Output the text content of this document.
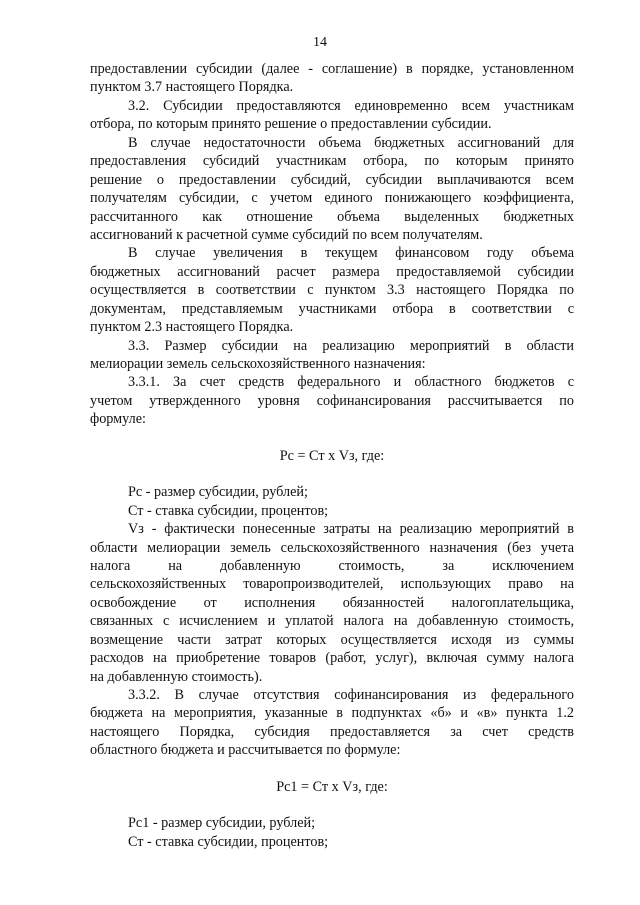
14
предоставлении субсидии (далее - соглашение) в порядке, установленном
пунктом 3.7 настоящего Порядка.
3.2. Субсидии предоставляются единовременно всем участникам
отбора, по которым принято решение о предоставлении субсидии.
В случае недостаточности объема бюджетных ассигнований для
предоставления субсидий участникам отбора, по которым принято
решение о предоставлении субсидий, субсидии выплачиваются всем
получателям субсидии, с учетом единого понижающего коэффициента,
рассчитанного как отношение объема выделенных бюджетных
ассигнований к расчетной сумме субсидий по всем получателям.
В случае увеличения в текущем финансовом году объема
бюджетных ассигнований расчет размера предоставляемой субсидии
осуществляется в соответствии с пунктом 3.3 настоящего Порядка по
документам, представляемым участниками отбора в соответствии с
пунктом 2.3 настоящего Порядка.
3.3. Размер субсидии на реализацию мероприятий в области
мелиорации земель сельскохозяйственного назначения:
3.3.1. За счет средств федерального и областного бюджетов с
учетом утвержденного уровня софинансирования рассчитывается по
формуле:
Pc = Ст х Vз, где:
Pc - размер субсидии, рублей;
Ст - ставка субсидии, процентов;
Vз - фактически понесенные затраты на реализацию мероприятий в
области мелиорации земель сельскохозяйственного назначения (без учета
налога на добавленную стоимость, за исключением
сельскохозяйственных товаропроизводителей, использующих право на
освобождение от исполнения обязанностей налогоплательщика,
связанных с исчислением и уплатой налога на добавленную стоимость,
возмещение части затрат которых осуществляется исходя из суммы
расходов на приобретение товаров (работ, услуг), включая сумму налога
на добавленную стоимость).
3.3.2. В случае отсутствия софинансирования из федерального
бюджета на мероприятия, указанные в подпунктах «б» и «в» пункта 1.2
настоящего Порядка, субсидия предоставляется за счет средств
областного бюджета и рассчитывается по формуле:
Pc1 = Ст х Vз, где:
Pc1 - размер субсидии, рублей;
Ст - ставка субсидии, процентов;
